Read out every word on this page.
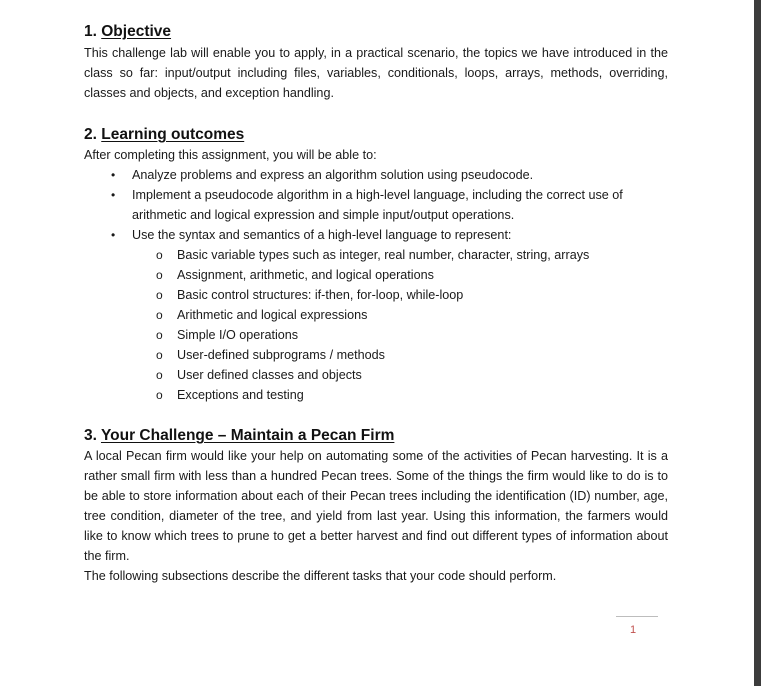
1. Objective

This challenge lab will enable you to apply, in a practical scenario, the topics we have introduced in the class so far: input/output including files, variables, conditionals, loops, arrays, methods, overriding, classes and objects, and exception handling.

2. Learning outcomes

After completing this assignment, you will be able to:

• Analyze problems and express an algorithm solution using pseudocode.
• Implement a pseudocode algorithm in a high-level language, including the correct use of arithmetic and logical expression and simple input/output operations.
• Use the syntax and semantics of a high-level language to represent:
o Basic variable types such as integer, real number, character, string, arrays
o Assignment, arithmetic, and logical operations
o Basic control structures: if-then, for-loop, while-loop
o Arithmetic and logical expressions
o Simple I/O operations
o User-defined subprograms / methods
o User defined classes and objects
o Exceptions and testing
3. Your Challenge – Maintain a Pecan Firm

A local Pecan firm would like your help on automating some of the activities of Pecan harvesting. It is a rather small firm with less than a hundred Pecan trees. Some of the things the firm would like to do is to be able to store information about each of their Pecan trees including the identification (ID) number, age, tree condition, diameter of the tree, and yield from last year. Using this information, the farmers would like to know which trees to prune to get a better harvest and find out different types of information about the firm.

The following subsections describe the different tasks that your code should perform.

1
